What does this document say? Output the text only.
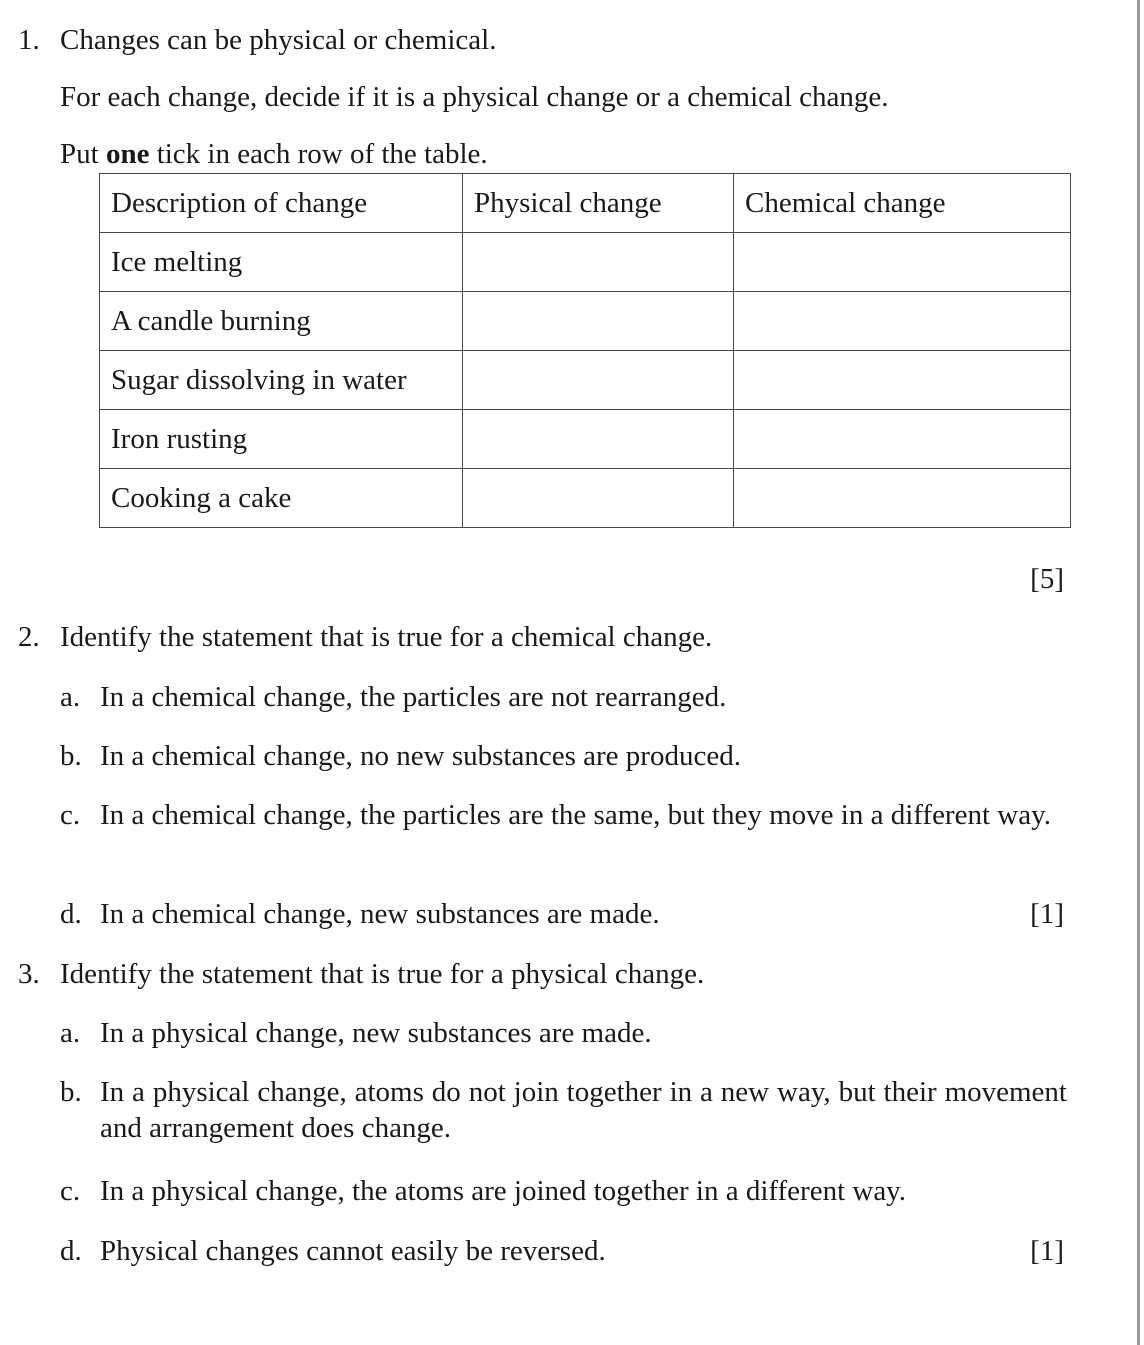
1. Changes can be physical or chemical.
For each change, decide if it is a physical change or a chemical change.
Put one tick in each row of the table.
Description of change	Physical change	Chemical change
Ice melting		
A candle burning		
Sugar dissolving in water		
Iron rusting		
Cooking a cake		
[5]
2. Identify the statement that is true for a chemical change.
a. In a chemical change, the particles are not rearranged.
b. In a chemical change, no new substances are produced.
c. In a chemical change, the particles are the same, but they move in a different way.
d. In a chemical change, new substances are made.	[1]
3. Identify the statement that is true for a physical change.
a. In a physical change, new substances are made.
b. In a physical change, atoms do not join together in a new way, but their movement and arrangement does change.
c. In a physical change, the atoms are joined together in a different way.
d. Physical changes cannot easily be reversed.	[1]
